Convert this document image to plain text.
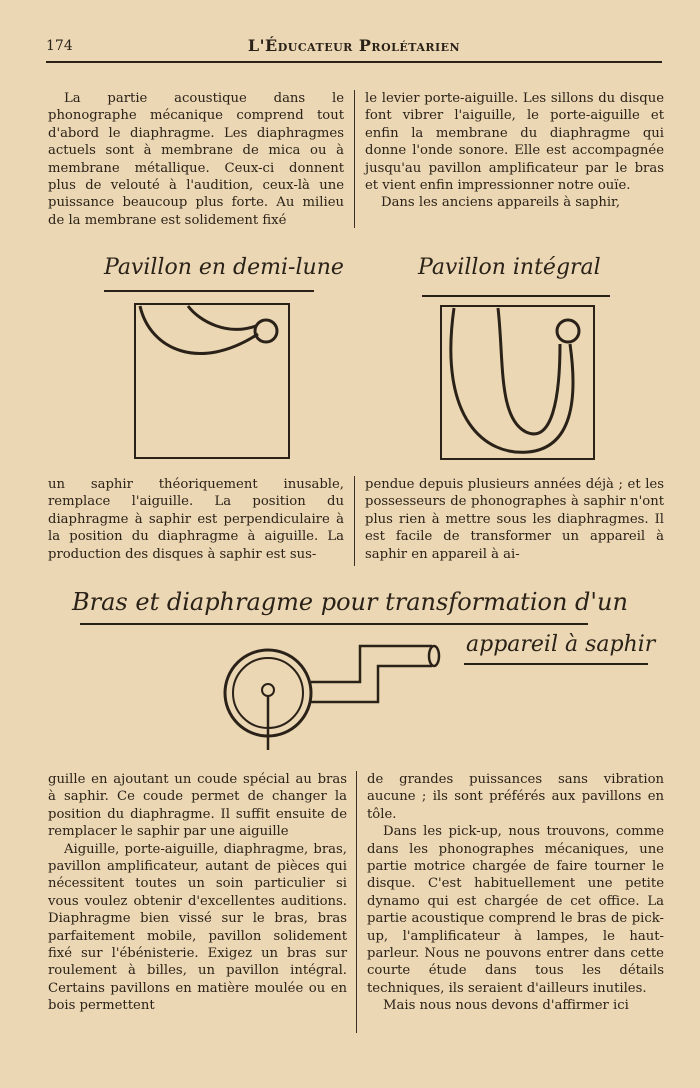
174	L'Éducateur Prolétarien

La partie acoustique dans le phonographe mécanique comprend tout d'abord le diaphragme. Les diaphragmes actuels sont à membrane de mica ou à membrane métallique. Ceux-ci donnent plus de velouté à l'audition, ceux-là une puissance beaucoup plus forte. Au milieu de la membrane est solidement fixé

le levier porte-aiguille. Les sillons du disque font vibrer l'aiguille, le porte-aiguille et enfin la membrane du diaphragme qui donne l'onde sonore. Elle est accompagnée jusqu'au pavillon amplificateur par le bras et vient enfin impressionner notre ouïe.

Dans les anciens appareils à saphir,

Pavillon en demi-lune	Pavillon intégral

un saphir théoriquement inusable, remplace l'aiguille. La position du diaphragme à saphir est perpendiculaire à la position du diaphragme à aiguille. La production des disques à saphir est sus-

pendue depuis plusieurs années déjà ; et les possesseurs de phonographes à saphir n'ont plus rien à mettre sous les diaphragmes. Il est facile de transformer un appareil à saphir en appareil à ai-

Bras et diaphragme pour transformation d'un
appareil à saphir

guille en ajoutant un coude spécial au bras à saphir. Ce coude permet de changer la position du diaphragme. Il suffit ensuite de remplacer le saphir par une aiguille

Aiguille, porte-aiguille, diaphragme, bras, pavillon amplificateur, autant de pièces qui nécessitent toutes un soin particulier si vous voulez obtenir d'excellentes auditions. Diaphragme bien vissé sur le bras, bras parfaitement mobile, pavillon solidement fixé sur l'ébénisterie. Exigez un bras sur roulement à billes, un pavillon intégral. Certains pavillons en matière moulée ou en bois permettent

de grandes puissances sans vibration aucune ; ils sont préférés aux pavillons en tôle.

Dans les pick-up, nous trouvons, comme dans les phonographes mécaniques, une partie motrice chargée de faire tourner le disque. C'est habituellement une petite dynamo qui est chargée de cet office. La partie acoustique comprend le bras de pick-up, l'amplificateur à lampes, le haut-parleur. Nous ne pouvons entrer dans cette courte étude dans tous les détails techniques, ils seraient d'ailleurs inutiles.

Mais nous nous devons d'affirmer ici
